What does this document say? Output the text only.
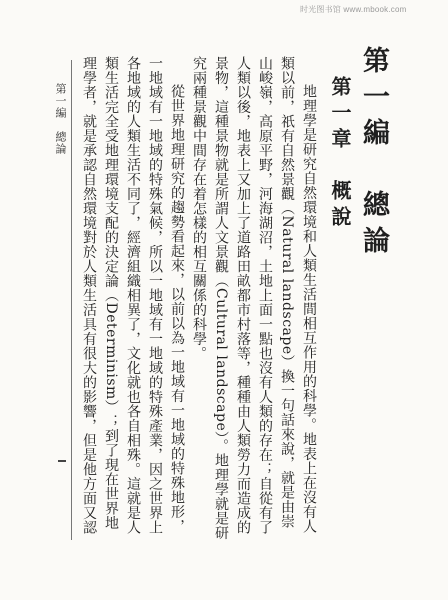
时光图书馆 www.mbook.com
第一編　總論
第一章　概說

地理學是研究自然環境和人類生活間相互作用的科學。地表上在沒有人類以前，祇有自然景觀（Natural landscape）換一句話來說，就是由崇山峻嶺，高原平野，河海湖沼，土地上面一點也沒有人類的存在；自從有了人類以後，地表上又加上了道路田畝都市村落等，種種由人類勞力而造成的景物，這種景物就是所謂人文景觀（Cultural landscape）。地理學就是研究兩種景觀中間存在着怎樣的相互關係的科學。

從世界地理研究的趨勢看起來，以前以為一地域有一地域的特殊地形，一地域有一地域的特殊氣候，所以一地域有一地域的特殊產業，因之世界上各地域的人類生活不同了，經濟組織相異了，文化就也各自相殊。這就是人類生活完全受地理環境支配的決定論（Determinism）；到了現在世界地理學者，就是承認自然環境對於人類生活具有很大的影響，但是他方面又認

第一編　總論
